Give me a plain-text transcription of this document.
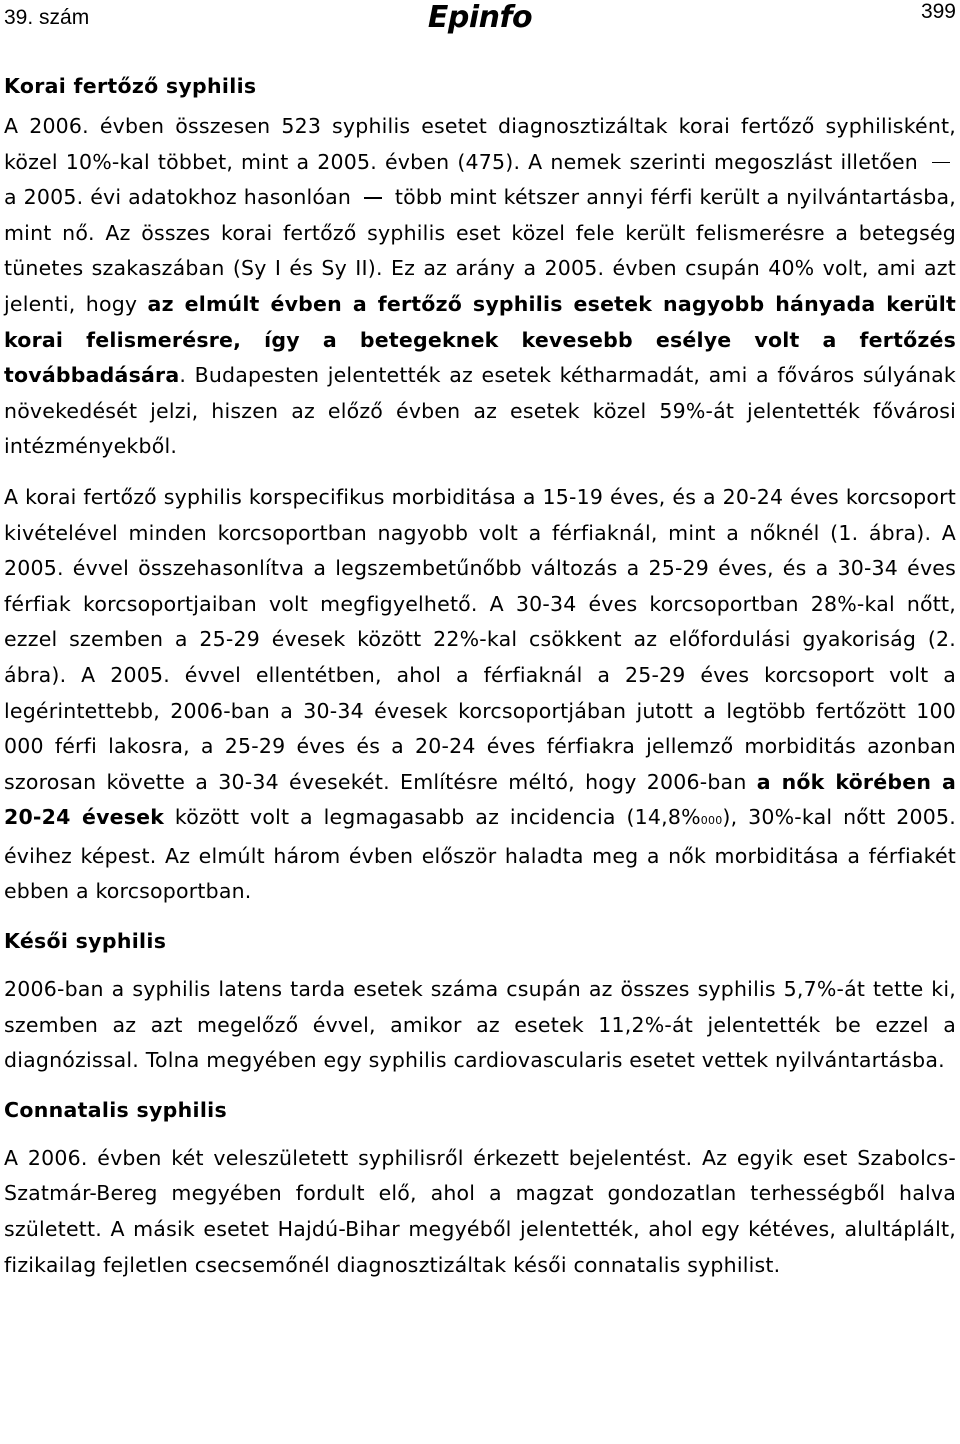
39. szám	Epinfo	399
Korai fertőző syphilis

A 2006. évben összesen 523 syphilis esetet diagnosztizáltak korai fertőző syphilisként, közel 10%-kal többet, mint a 2005. évben (475). A nemek szerinti megoszlást illetően  a 2005. évi adatokhoz hasonlóan  több mint kétszer annyi férfi került a nyilvántartásba, mint nő. Az összes korai fertőző syphilis eset közel fele került felismerésre a betegség tünetes szakaszában (Sy I és Sy II). Ez az arány a 2005. évben csupán 40% volt, ami azt jelenti, hogy az elmúlt évben a fertőző syphilis esetek nagyobb hányada került korai felismerésre, így a betegeknek kevesebb esélye volt a fertőzés továbbadására. Budapesten jelentették az esetek kétharmadát, ami a főváros súlyának növekedését jelzi, hiszen az előző évben az esetek közel 59%-át jelentették fővárosi intézményekből.

A korai fertőző syphilis korspecifikus morbiditása a 15-19 éves, és a 20-24 éves korcsoport kivételével minden korcsoportban nagyobb volt a férfiaknál, mint a nőknél (1. ábra). A 2005. évvel összehasonlítva a legszembetűnőbb változás a 25-29 éves, és a 30-34 éves férfiak korcsoportjaiban volt megfigyelhető. A 30-34 éves korcsoportban 28%-kal nőtt, ezzel szemben a 25-29 évesek között 22%-kal csökkent az előfordulási gyakoriság (2. ábra). A 2005. évvel ellentétben, ahol a férfiaknál a 25-29 éves korcsoport volt a legérintettebb, 2006-ban a 30-34 évesek korcsoportjában jutott a legtöbb fertőzött 100 000 férfi lakosra, a 25-29 éves és a 20-24 éves férfiakra jellemző morbiditás azonban szorosan követte a 30-34 évesekét. Említésre méltó, hogy 2006-ban a nők körében a 20-24 évesek között volt a legmagasabb az incidencia (14,8%000), 30%-kal nőtt 2005. évihez képest. Az elmúlt három évben először haladta meg a nők morbiditása a férfiakét ebben a korcsoportban.

Késői syphilis

2006-ban a syphilis latens tarda esetek száma csupán az összes syphilis 5,7%-át tette ki, szemben az azt megelőző évvel, amikor az esetek 11,2%-át jelentették be ezzel a diagnózissal. Tolna megyében egy syphilis cardiovascularis esetet vettek nyilvántartásba.

Connatalis syphilis

A 2006. évben két veleszületett syphilisről érkezett bejelentést. Az egyik eset Szabolcs-Szatmár-Bereg megyében fordult elő, ahol a magzat gondozatlan terhességből halva született. A másik esetet Hajdú-Bihar megyéből jelentették, ahol egy kétéves, alultáplált, fizikailag fejletlen csecsemőnél diagnosztizáltak késői connatalis syphilist.
